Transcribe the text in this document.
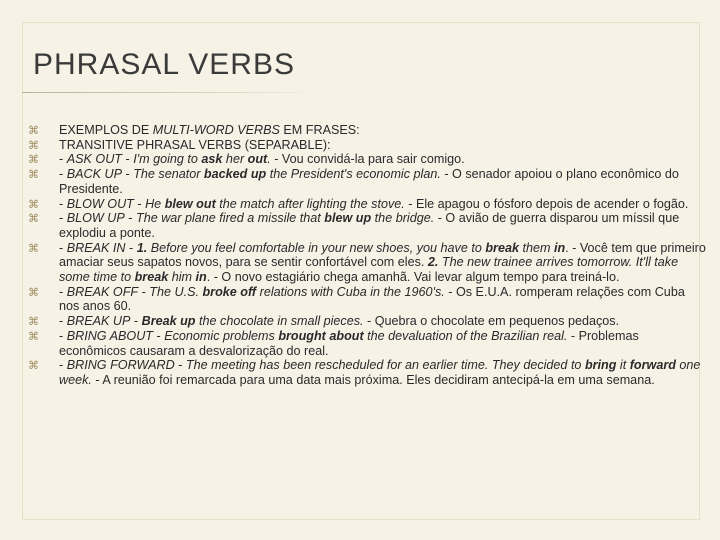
PHRASAL VERBS
⌘ EXEMPLOS DE MULTI-WORD VERBS EM FRASES:
⌘ TRANSITIVE PHRASAL VERBS (SEPARABLE):
⌘ - ASK OUT - I'm going to ask her out. - Vou convidá-la para sair comigo.
⌘ - BACK UP - The senator backed up the President's economic plan. - O senador apoiou o plano econômico do Presidente.
⌘ - BLOW OUT - He blew out the match after lighting the stove. - Ele apagou o fósforo depois de acender o fogão.
⌘ - BLOW UP - The war plane fired a missile that blew up the bridge. - O avião de guerra disparou um míssil que explodiu a ponte.
⌘ - BREAK IN - 1. Before you feel comfortable in your new shoes, you have to break them in. - Você tem que primeiro amaciar seus sapatos novos, para se sentir confortável com eles. 2. The new trainee arrives tomorrow. It'll take some time to break him in. - O novo estagiário chega amanhã. Vai levar algum tempo para treiná-lo.
⌘ - BREAK OFF - The U.S. broke off relations with Cuba in the 1960's. - Os E.U.A. romperam relações com Cuba nos anos 60.
⌘ - BREAK UP - Break up the chocolate in small pieces. - Quebra o chocolate em pequenos pedaços.
⌘ - BRING ABOUT - Economic problems brought about the devaluation of the Brazilian real. - Problemas econômicos causaram a desvalorização do real.
⌘ - BRING FORWARD - The meeting has been rescheduled for an earlier time. They decided to bring it forward one week. - A reunião foi remarcada para uma data mais próxima. Eles decidiram antecipá-la em uma semana.
